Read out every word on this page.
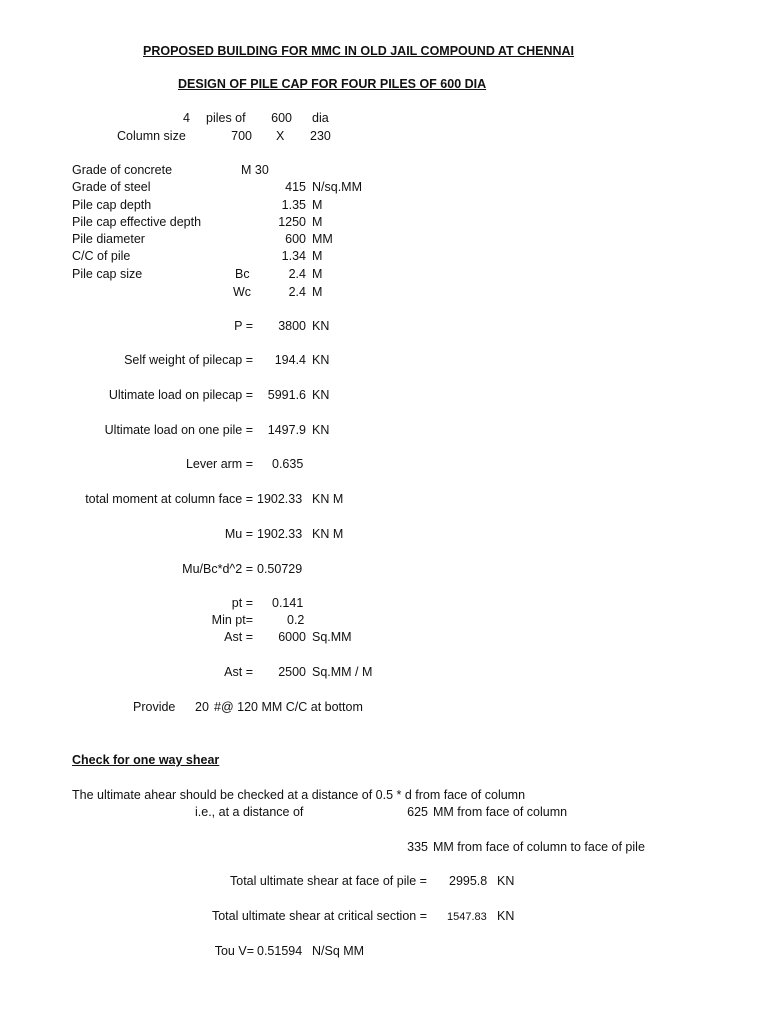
PROPOSED BUILDING FOR MMC IN OLD JAIL COMPOUND AT CHENNAI
DESIGN OF PILE CAP FOR FOUR PILES OF 600 DIA
4 piles of	600 dia
Column size	700 X 230
Grade of concrete	M 30
Grade of steel	415 N/sq.MM
Pile cap depth	1.35 M
Pile cap effective depth	1250 M
Pile diameter	600 MM
C/C of pile	1.34 M
Pile cap size	Bc	2.4 M
Wc	2.4 M
P =	3800 KN
Self weight of pilecap =	194.4 KN
Ultimate load on pilecap =	5991.6 KN
Ultimate load on one pile =	1497.9 KN
Lever arm = 0.635
total moment at column face = 1902.33 KN M
Mu = 1902.33 KN M
Mu/Bc*d^2 = 0.50729
pt = 0.141
Min pt=	0.2
Ast =	6000 Sq.MM
Ast =	2500 Sq.MM / M
Provide 20 #@ 120 MM C/C at bottom
Check for one way shear
The ultimate ahear should be checked at a distance of 0.5 * d from face of column
i.e., at a distance of	625 MM from face of column
335 MM from face of column to face of pile
Total ultimate shear at face of pile = 2995.8 KN
Total ultimate shear at critical section = 1547.83 KN
Tou V= 0.51594 N/Sq MM
